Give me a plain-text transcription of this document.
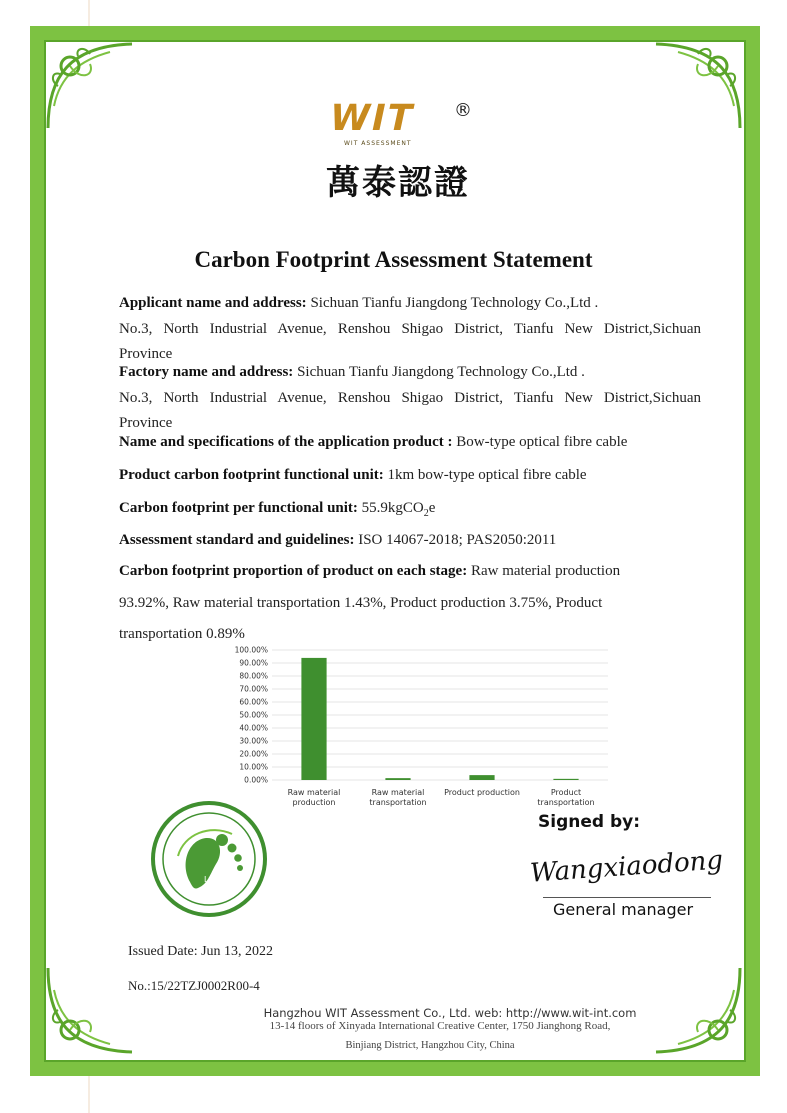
WIT ®
WIT ASSESSMENT
萬泰認證
Carbon Footprint Assessment Statement
Applicant name and address: Sichuan Tianfu Jiangdong Technology Co.,Ltd .
No.3, North Industrial Avenue, Renshou Shigao District, Tianfu New District,Sichuan
Province
Factory name and address: Sichuan Tianfu Jiangdong Technology Co.,Ltd .
No.3, North Industrial Avenue, Renshou Shigao District, Tianfu New District,Sichuan
Province
Name and specifications of the application product : Bow-type optical fibre cable
Product carbon footprint functional unit: 1km bow-type optical fibre cable
Carbon footprint per functional unit: 55.9kgCO$_2$e
Assessment standard and guidelines: ISO 14067-2018; PAS2050:2011
Carbon footprint proportion of product on each stage: Raw material production
93.92%, Raw material transportation 1.43%, Product production 3.75%, Product
transportation 0.89%
0.00%
10.00%
20.00%
30.00%
40.00%
50.00%
60.00%
70.00%
80.00%
90.00%
100.00%
Raw material
production
Raw material
transportation
Product production	Product
transportation
LOGO
Signed by:
Wangxiaodong
General manager
Issued Date: Jun 13, 2022
No.:15/22TZJ0002R00-4
Hangzhou WIT Assessment Co., Ltd. web: http://www.wit-int.com
13-14 floors of Xinyada International Creative Center, 1750 Jianghong Road,
Binjiang District, Hangzhou City, China
